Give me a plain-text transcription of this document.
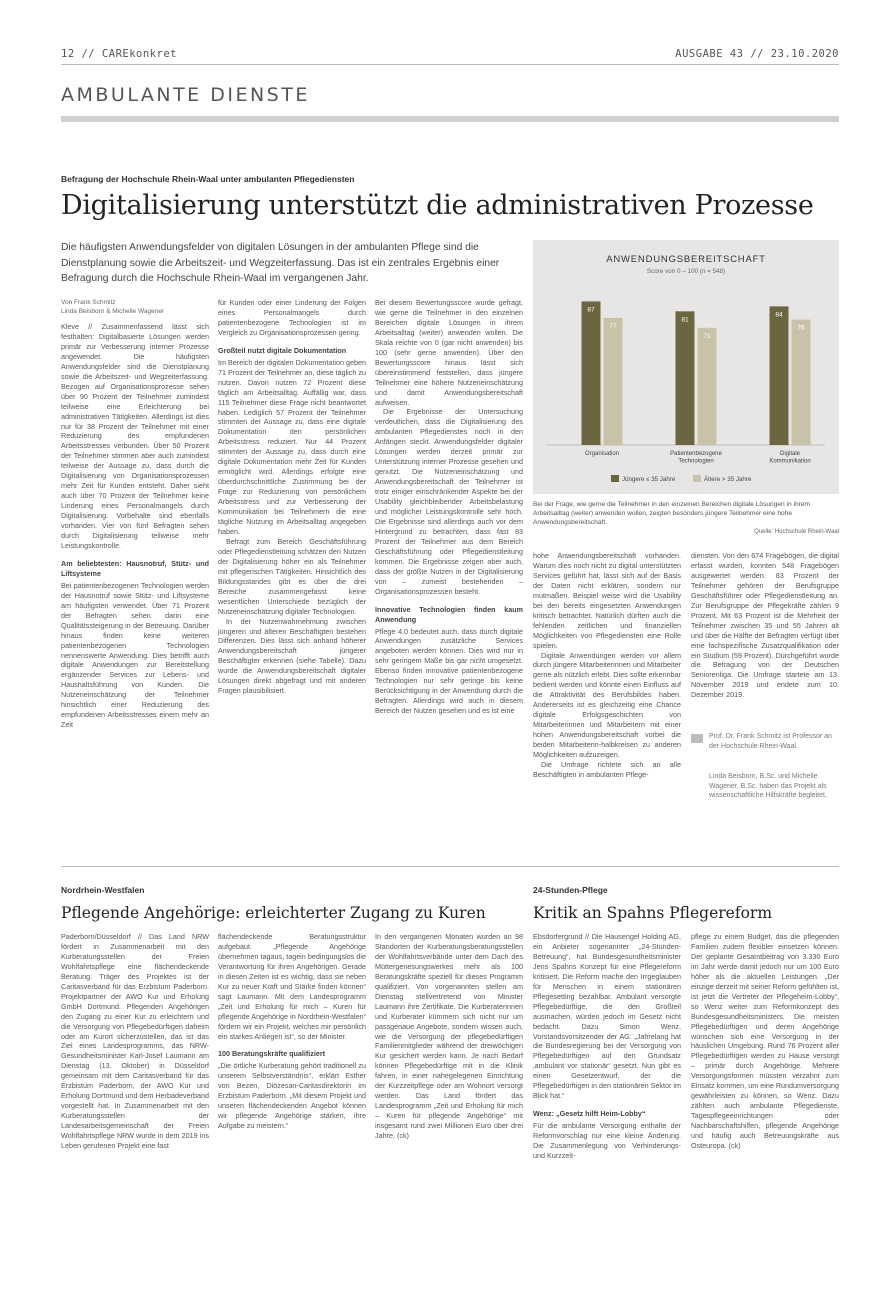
12 // CAREkonkret	AUSGABE 43 // 23.10.2020
AMBULANTE DIENSTE
Befragung der Hochschule Rhein-Waal unter ambulanten Pflegediensten
Digitalisierung unterstützt die administrativen Prozesse
Die häufigsten Anwendungsfelder von digitalen Lösungen in der ambulanten Pflege sind die Dienstplanung sowie die Arbeitszeit- und Wegzeiterfassung. Das ist ein zentrales Ergebnis einer Befragung durch die Hochschule Rhein-Waal im vergangenen Jahr.
Von Frank Schmitz
Linda Beisborn & Michelle Wagener

Kleve // Zusammenfassend lässt sich festhalten: Digitalbasierte Lösungen werden primär zur Verbesserung interner Prozesse angewendet. Die häufigsten Anwendungsfelder sind die Dienstplanung sowie die Arbeitszeit- und Wegzeiterfassung. Bezogen auf Organisationsprozesse sehen über 90 Prozent der Teilnehmer zumindest teilweise eine Erleichterung bei administrativen Tätigkeiten. Allerdings ist dies nur für 38 Prozent der Teilnehmer mit einer Reduzierung des empfundenen Arbeitsstresses verbunden. Über 50 Prozent der Teilnehmer stimmen aber auch zumindest teilweise der Aussage zu, dass durch die Digitalisierung von Organisationsprozessen mehr Zeit für Kunden entsteht. Daher sieht auch über 70 Prozent der Teilnehmer keine Linderung eines Personalmangels durch Digitalisierung. Vorbehalte sind ebenfalls vorhanden. Vier von fünf Befragten sehen durch Digitalisierung teilweise mehr Leistungskontrolle.

Am beliebtesten: Hausnotruf, Stütz- und Liftsysteme

Bei patientenbezogenen Technologien werden der Hausnotruf sowie Stütz- und Liftsysteme am häufigsten verwendet. Über 71 Prozent der Befragten sehen darin eine Qualitätssteigerung in der Betreuung. Darüber hinaus finden keine weiteren patientenbezogenen Technologien nennenswerte Anwendung. Dies betrifft auch digitale Anwendungen zur Bereitstellung ergänzender Services zur Lebens- und Haushaltsführung von Kunden. Die Nutzeneinschätzung der Teilnehmer hinsichtlich einer Reduzierung des empfundenen Arbeitsstresses einem mehr an Zeit

für Kunden oder einer Linderung der Folgen eines Personalmangels durch patientenbezogene Technologien ist im Vergleich zu Organisationsprozessen gering.

Großteil nutzt digitale Dokumentation

Im Bereich der digitalen Dokumentation geben 71 Prozent der Teilnehmer an, diese täglich zu nutzen. Davon nutzen 72 Prozent diese täglich am Arbeitsalltag. Auffällig war, dass 115 Teilnehmer diese Frage nicht beantwortet haben. Lediglich 57 Prozent der Teilnehmer stimmten der Aussage zu, dass eine digitale Dokumentation den persönlichen Arbeitsstress reduziert. Nur 44 Prozent stimmten der Aussage zu, dass durch eine digitale Dokumentation mehr Zeit für Kunden ermöglicht wird. Allerdings erfolgte eine überdurchschnittliche Zustimmung bei der Frage zur Reduzierung von persönlichem Arbeitsstress und zur Verbesserung der Kommunikation bei Teilnehmern die eine tägliche Nutzung im Arbeitsalltag angegeben haben.

Befragt zum Bereich Geschäftsführung oder Pflegedienstleitung schätzen den Nutzen der Digitalisierung höher ein als Teilnehmer mit pflegerischen Tätigkeiten. Hinsichtlich des Bildungsstandes gibt es über die drei Bereiche zusammengefasst keine wesentlichen Unterschiede bezüglich der Nutzeneinschätzung digitaler Technologien.

In der Nutzenwahrnehmung zwischen jüngeren und älteren Beschäftigten bestehen Differenzen. Dies lässt sich anhand höherer Anwendungsbereitschaft jüngerer Beschäftigter erkennen (siehe Tabelle). Dazu wurde die Anwendungsbereitschaft digitaler Lösungen direkt abgefragt und mit anderen Fragen plausibilisiert.

Bei diesem Bewertungsscore wurde gefragt, wie gerne die Teilnehmer in den einzelnen Bereichen digitale Lösungen in ihrem Arbeitsalltag (weiter) anwenden wollen. Die Skala reichte von 0 (gar nicht anwenden) bis 100 (sehr gerne anwenden). Über den Bewertungsscore hinaus lässt sich übereinstimmend feststellen, dass jüngere Teilnehmer eine höhere Nutzeneinschätzung und damit Anwendungsbereitschaft aufweisen.

Die Ergebnisse der Untersuchung verdeutlichen, dass die Digitalisierung des ambulanten Pflegedienstes noch in den Anfängen steckt. Anwendungsfelder digitaler Lösungen werden derzeit primär zur Unterstützung interner Prozesse gesehen und genutzt. Die Nutzeneinschätzung und Anwendungsbereitschaft der Teilnehmer ist trotz einiger einschränkender Aspekte bei der Usability gleichbleibender Arbeitsbelastung und möglicher Leistungskontrolle sehr hoch. Die Ergebnisse sind allerdings auch vor dem Hintergrund zu betrachten, dass fast 83 Prozent der Teilnehmer aus dem Bereich Geschäftsführung oder Pflegedienstleitung kommen. Die Ergebnisse zeigen aber auch, dass der größte Nutzen in der Digitalisierung von – zumeist bestehenden – Organisationsprozessen besteht.

Innovative Technologien finden kaum Anwendung

Pflege 4.0 bedeutet auch, dass durch digitale Anwendungen zusätzliche Services angeboten werden können. Dies wird nur in sehr geringem Maße bis gar nicht umgesetzt. Ebenso finden innovative patientenbezogene Technologien nur sehr geringe bis keine Berücksichtigung in der Anwendung durch die Befragten. Allerdings wird auch in diesem Bereich der Nutzen gesehen und es ist eine

ANWENDUNGSBEREITSCHAFT
Score von 0 – 100 (n = 548)
87
77
Organisation
81
71
Patientenbezogene
Technologien
84
76
Digitale
Kommunikation
Jüngere ≤ 35 Jahre	Ältere > 35 Jahre
Bei der Frage, wie gerne die Teilnehmer in den einzelnen Bereichen digitale Lösungen in ihrem Arbeitsalltag (weiter) anwenden wollen, zeigten besonders jüngere Teilnehmer eine hohe Anwendungsbereitschaft.
Quelle: Hochschule Rhein-Waal

hohe Anwendungsbereitschaft vorhanden. Warum dies noch nicht zu digital unterstützten Services geführt hat, lässt sich auf der Basis der Daten nicht erklären, sondern nur mutmaßen. Beispiel weise wird die Usability bei den bereits eingesetzten Anwendungen kritisch betrachtet. Natürlich dürften auch die fehlenden zeitlichen und finanziellen Möglichkeiten von Pflegediensten eine Rolle spielen.

Digitale Anwendungen werden vor allem durch jüngere Mitarbeiterinnen und Mitarbeiter gerne als nützlich erlebt. Dies sollte erkennbar bedient werden und könnte einen Einfluss auf die Attraktivität des Berufsbildes haben. Andererseits ist es gleichzeitig eine Chance digitale Erfolgsgeschichten von Mitarbeiterinnen und Mitarbeitern mit einer hohen Anwendungsbereitschaft vorbei die beiden Mitarbeiterin-halbkreisen zu anderen Möglichkeiten aufzuzeigen.

Die Umfrage richtete sich an alle Beschäftigten in ambulanten Pflege-

diensten. Von den 674 Fragebögen, die digital erfasst wurden, konnten 548 Fragebögen ausgewertet werden. 83 Prozent der Teilnehmer gehören der Berufsgruppe Geschäftsführer oder Pflegedienstleitung an. Zur Berufsgruppe der Pflegekräfte zählen 9 Prozent. Mit 63 Prozent ist die Mehrheit der Teilnehmer zwischen 35 und 55 Jahren alt und über die Hälfte der Befragten verfügt über eine fachspezifische Zusatzqualifikation oder ein Studium (59 Prozent). Durchgeführt wurde die Befragung von der Deutschen Seniorenliga. Die Umfrage startete am 13. November 2019 und endete zum 10. Dezember 2019.

Prof. Dr. Frank Schmitz ist Professor an der Hochschule Rhein-Waal.
Linda Beisborn, B.Sc. und Michelle Wagener, B.Sc. haben das Projekt als wissenschaftliche Hilfskräfte begleitet.
Nordrhein-Westfalen
Pflegende Angehörige: erleichterter Zugang zu Kuren

Paderborn/Düsseldorf // Das Land NRW fördert in Zusammenarbeit mit den Kurberatungsstellen der Freien Wohlfahrtspflege eine flächendeckende Beratung. Träger des Projektes ist der Caritasverband für das Erzbistum Paderborn. Projektpartner der AWO Kur und Erholung GmbH Dortmund. Pflegenden Angehörigen den Zugang zu einer Kur zu erleichtern und die Versorgung von Pflegebedürftigen daheim oder am Kurort sicherzustellen, das ist das Ziel eines Landesprogramms, das NRW-Gesundheitsminister Karl-Josef Laumann am Dienstag (13. Oktober) in Düsseldorf gemeinsam mit dem Caritasverband für das Erzbistum Paderborn, der AWO Kur und Erholung Dortmund und dem Herbadeverband vorgestellt hat. In Zusammenarbeit mit den Kurberatungsstellen der Landesarbeitsgemeinschaft der Freien Wohlfahrtspflege NRW wurde in dem 2019 ins Leben gerufenen Projekt eine fast

flächendeckende Beratungsstruktur aufgebaut. „Pflegende Angehörige übernehmen tagaus, tagein bedingungslos die Verantwortung für ihren Angehörigen. Gerade in diesen Zeiten ist es wichtig, dass sie neben Kur zu neuer Kraft und Stärke finden können“ sagt Laumann. Mit dem Landesprogramm „Zeit und Erholung für mich – Kuren für pflegende Angehörige in Nordrhein-Westfalen“ fördern wir ein Projekt, welches mir persönlich ein starkes Anliegen ist“, so der Minister.

100 Beratungskräfte qualifiziert

„Die örtliche Kurberatung gehört traditionell zu unserem Selbstverständnis“, erklärt Esther von Bezen, Diözesan-Caritasdirektorin im Erzbistum Paderborn. „Mit diesem Projekt und unseren flächendeckenden Angebot können wir pflegende Angehörige stärken, ihre Aufgabe zu meistern.“

In den vergangenen Monaten wurden an 98 Standorten der Kurberatungsberatungsstellen der Wohlfahrtsverbände unter dem Dach des Müttergenesungswerkes mehr als 100 Beratungskräfte speziell für dieses Programm qualifiziert. Von vorgenannten stellen am Dienstag stellvertretend von Minister Laumann ihre Zertifikate. Die Kurberaterinnen und Kurberater kümmern sich nicht nur um passgenaue Angebote, sondern wissen auch, wie die Versorgung der pflegebedürftigen Familienmitglieder während der dreiwöchigen Kur gesichert werden kann. Je nach Bedarf können Pflegebedürftige mit in die Klinik fahren, in einer nahegelegenen Einrichtung der Kurzzeitpflege oder am Wohnort versorgt werden. Das Land fördert das Landesprogramm „Zeit und Erholung für mich – Kuren für pflegende Angehörige“ mit insgesamt rund zwei Millionen Euro über drei Jahre. (ck)

24-Stunden-Pflege
Kritik an Spahns Pflegereform

Ebsdorfergrund // Die Hausengel Holding AG, ein Anbieter sogenannter „24-Stunden-Betreuung“, hat Bundesgesundheitsminister Jens Spahns Konzept für eine Pflegereform kritisiert. Die Reform mache den Irrgeglauben für Menschen in einem stationären Pflegesetting bezahlbar. Ambulant versorgte Pflegebedürftige, die den Großteil ausmachen, würden jedoch im Gesetz nicht bedacht. Dazu Simon Wenz, Vorstandsvorsitzender der AG: „Jahrelang hat die Bundesregierung bei der Versorgung von Pflegebedürftigen auf den Grundsatz ‚ambulant vor stationär‘ gesetzt. Nun gibt es einen Gesetzentwurf, der die Pflegebedürftigen in den stationären Sektor im Blick hat.“

Wenz: „Gesetz hilft Heim-Lobby“

Für die ambulante Versorgung enthalte der Reformvorschlag nur eine kleine Änderung. Die Zusammenlegung von Verhinderungs- und Kurzzeit-

pflege zu einem Budget, das die pflegenden Familien zudem flexibler einsetzen können. Der geplante Gesamtbeitrag von 3.330 Euro im Jahr werde damit jedoch nur um 100 Euro höher als die aktuellen Leistungen. „Der einzige derzeit mit seiner Reform gefühlten ist, ist jetzt die Vertreter der Pflegeheim-Lobby“, so Wenz weiter zum Reformkonzept des Bundesgesundheitsministers. Die meisten Pflegebedürftigen und deren Angehörige wünschen sich eine Versorgung in der häuslichen Umgebung. Rund 76 Prozent aller Pflegebedürftigen werden zu Hause versorgt – primär durch Angehörige. Mehrere Versorgungsformen müssten verzahnt zum Einsatz kommen, um eine Rundumversorgung gewährleisten zu können, so Wenz. Dazu zählten auch ambulante Pflegedienste, Tagespflegeeinrichtungen oder Nachbarschaftshilfen, pflegende Angehörige und häufig auch Betreuungskräfte aus Osteuropa. (ck)
